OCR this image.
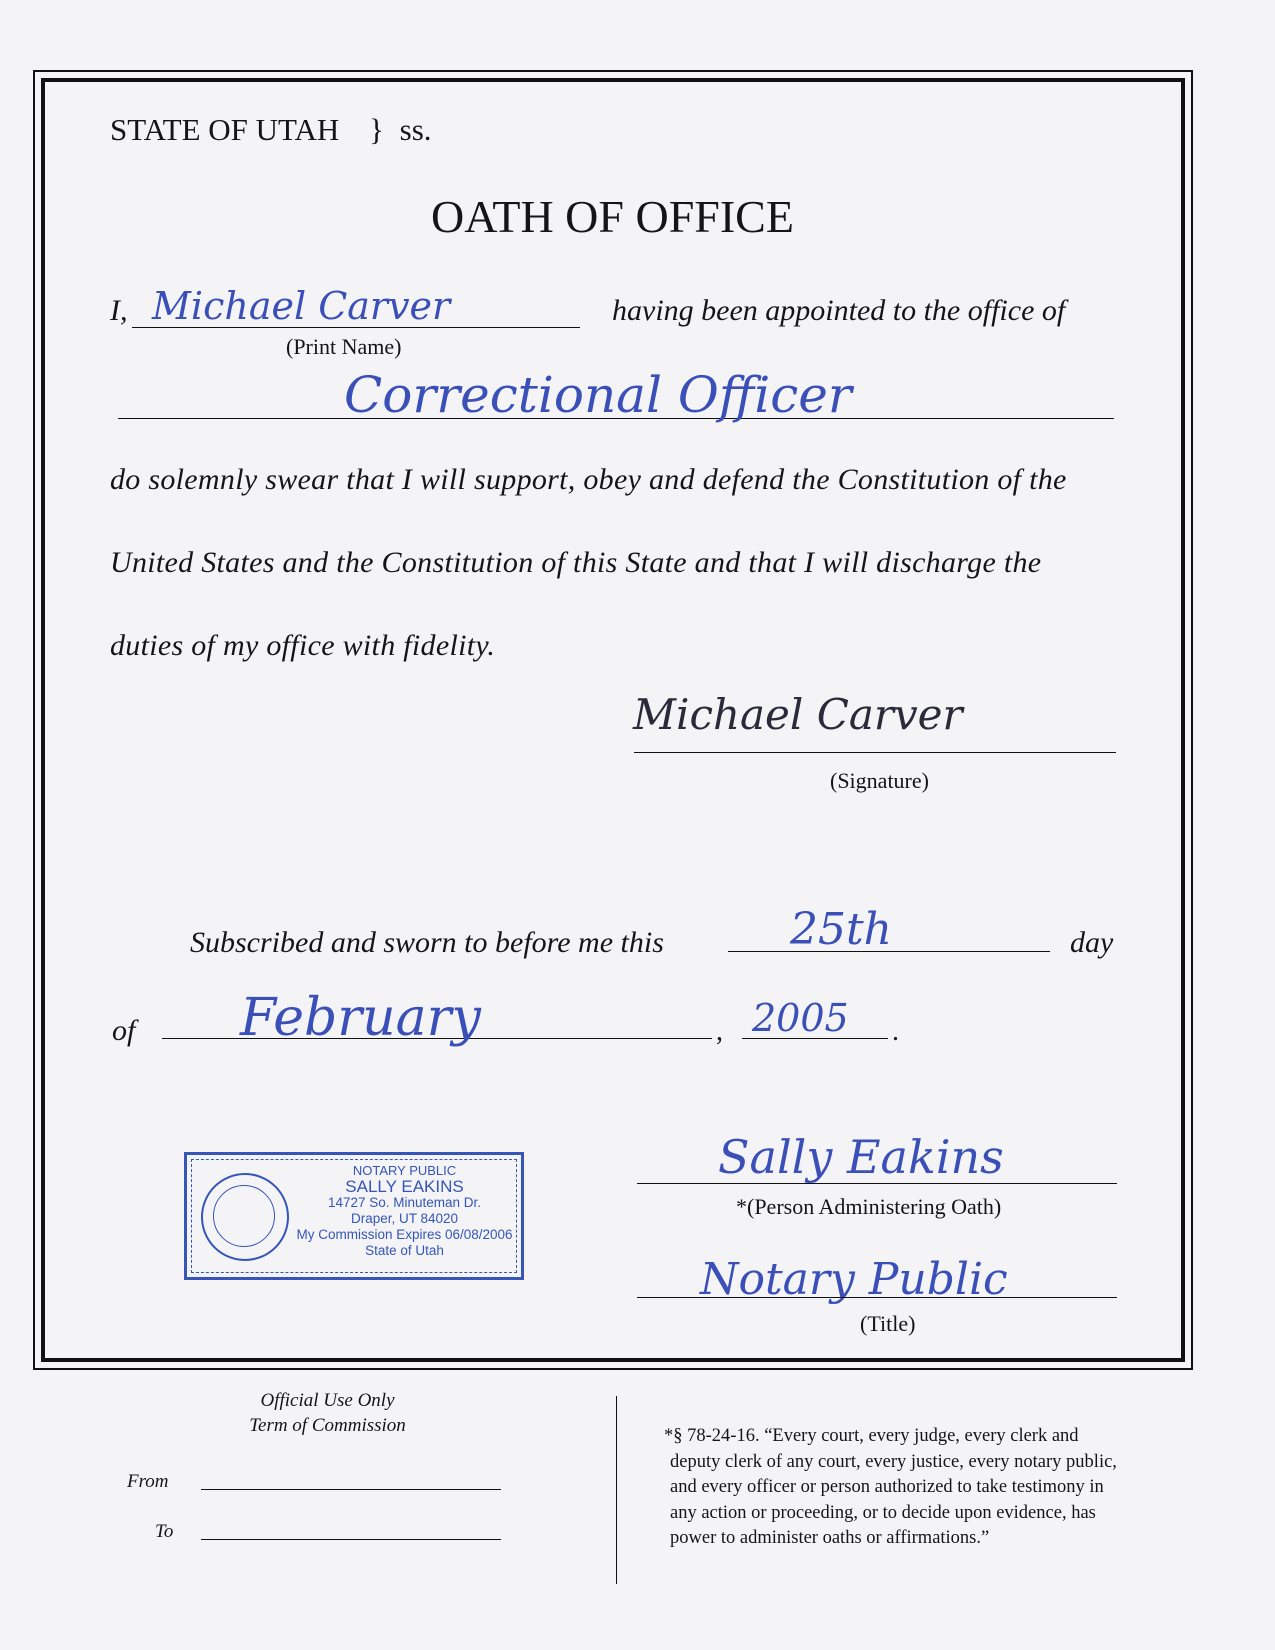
STATE OF UTAH } ss.
OATH OF OFFICE
I, Michael Carver
(Print Name)
having been appointed to the office of
Correctional Officer
do solemnly swear that I will support, obey and defend the Constitution of the
United States and the Constitution of this State and that I will discharge the
duties of my office with fidelity.
Michael Carver
(Signature)
Subscribed and sworn to before me this	25th	day
of February	, 2005 .
NOTARY PUBLIC
SALLY EAKINS
14727 So. Minuteman Dr.
Draper, UT 84020
My Commission Expires 06/08/2006
State of Utah
Sally Eakins
*(Person Administering Oath)
Notary Public
(Title)
Official Use Only
Term of Commission
From
To
*§ 78-24-16. “Every court, every judge, every clerk and
deputy clerk of any court, every justice, every notary public,
and every officer or person authorized to take testimony in
any action or proceeding, or to decide upon evidence, has
power to administer oaths or affirmations.”
